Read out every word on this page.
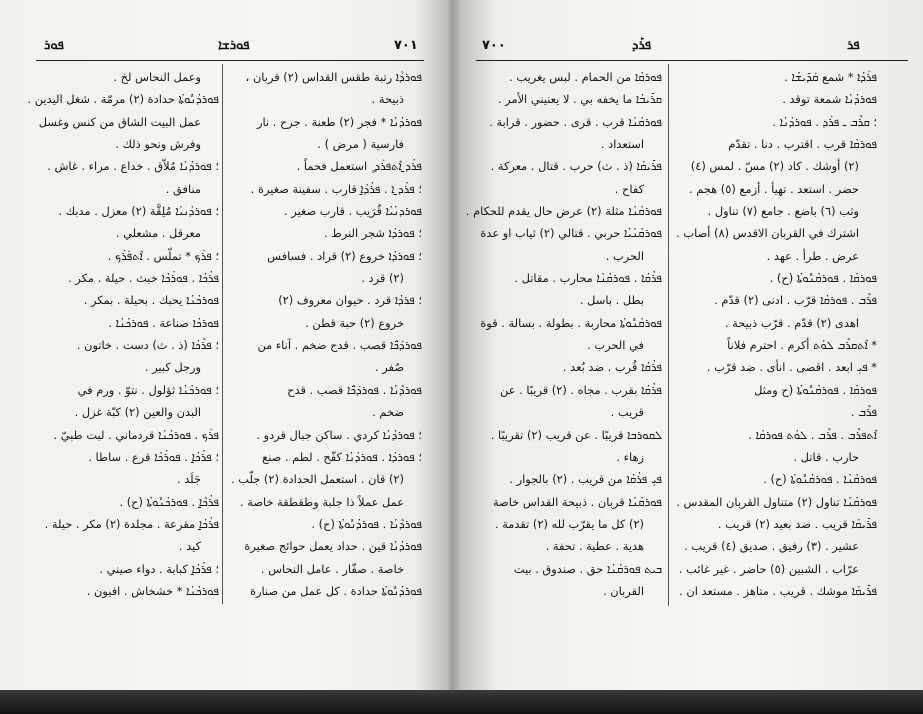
ܦܘܪ	ܦܘܪܫܐ	٧٠١
ܦܘܪܕܵܐ رتبة طقس القداس (٢) قربان ،
ذبيحة .
ܦܘܪܕܳܢܳܐ * فجر (٢) طعنة . جرح . نار
فارسية ( مرض ) .
ܦܪܳܕ̱ ܐܶܬܦܪܰܕ ٍ استعمل فحماً .
؛ ܦܪܳܕ̱ ܐ . ܦܪܳܕ̱ܳܐ قارب . سفينة صغيرة .
ܦܘܪܕܢܳܝܳܐ قُرَيب . قارب صغير .
؛ ܦܘܪܕܳܐ شجر النرط .
؛ ܦܘܪܕܳܐ خروع (٢) قراد . فسافس
(٢) قرد .
؛ ܦܪܕܳܐ قرد . حيوان معروف (٢)
خروع (٢) حبة قطن .
ܦܘܪܕܰܟ̈ܶܐ قصب . قدح ضخم . آناء من
صُفر .
ܦܘܪܕܶܢܳܐ . ܦܘܪܕܰܟ̈ܳܐ قصب . قدح
ضخم .
؛ ܦܘܪܕܳܢܳܐ كردي . ساكن جبال قردو .
؛ ܦܘܪܕܳܐ . ܦܘܪܕܳܢܳܐ كفّح . لطم . صنع
(٢) قان . استعمل الحدادة (٢) جلّب .
عمل عملاً ذا جلبة وطقطقة خاصة .
ܦܘܪܕܶܢܳܐ . ܦܘܪܕܳܢܽܘܬܳܐ (ح) .
ܦܘܪܕܳܢܳܐ قين . حداد يعمل حوائج صغيرة
خاصة . صفّار . عامل النحاس .
ܦܘܪܕܳܢܽܘܬܳܐ حدادة . كل عمل من صنارة
وعمل النحاس لخ .
ܦܘܪܕܳܢܽܘܬܳܐ حدادة (٢) مرمّة . شغل اليدين .
عمل البيت الشاق من كنس وغسل
وفرش ونحو ذلك .
؛ ܦܘܪܕܳܢܳܐ مُلاّق . خداع . مراء . غاش .
منافق .
؛ ܦܘܪܕܳܢܝܳܐ مُلِقَّة (٢) معزل . مدبك .
معرقل . مشعلي .
؛ ܦܪܰܟ * تملّس . ܐܶܬܦܰܪܰܟ .
ܦܪܳܟܳܐ . ܦܘܪܳܟܳܐ خبث . حيلة . مكر .
ܦܘܪܟܳܢܳܐ يحبك . بحيلة . بمكر .
ܦܘܪܟܳܐ صناعة . ܦܘܪܟܳܢܳܐ .
؛ ܦܪܶܟܳܐ (ذ . ث) دست . خاتون .
ورجل كبير .
؛ ܦܘܪܟܳܢܳܐ ثؤلول . نتوّ . ورم في
البدن والعين (٢) كبّة غزل .
ܦܪܰܟ . ܦܘܪܟܳܢܳܐ قردماني . لبت طبيّ .
؛ ܦܪܳܟ̱ܳܐ . ܦܘܪܳܟܳܐ قرع . ساطا .
جَلَد .
ܦܪܳܟ̱ܶܐ . ܦܘܪܟܳܢܽܘܬܳܐ (ح) .
ܦܪܳܟ̱ܳܐ مقرعة . مجلدة (٢) مكر . حيلة .
كيد .
؛ ܦܪܳܟ̱ܳܐ كبابة . دواء صيني .
ܦܘܪܟܳܢܳܐ * خشخاش . افيون .
٧٠٠	ܦܪܰܕ	ܦܪ
ܦܘܪܩܳܐ من الحمام . لبس يغريب .
ܩܪܺܝܒܳܐ ما يخفه بي . لا يعنيني الأمر .
ܦܘܪܩܳܢܳܐ قرب . قرى . حضور . قرابة .
استعداد .
ܦܪܺܝܩܳܐ (ذ . ث) حرب . قتال . معركة .
كفاح .
ܦܘܪܩܳܢܳܐ مثلة (٢) عرض حال يقدم للحكام .
ܦܘܪܩܳܢܳܝܳܐ حربي . قتالي (٢) ثياب او عدة
الحرب .
ܦܪܳܩܳܐ . ܦܘܪܩܳܢܳܐ محارب . مقاتل .
بطل . باسل .
ܦܘܪܩܳܢܽܘܬܳܐ محاربة . بطولة . بسالة . قوة
في الحرب .
ܦܪܳܩܳܐ قُرب . ضد بُعد .
ܦܪܳܩܳܐ بقرب . مجاه . (٢) قريبًا . عن
قريب .
ܠܩܘܪܒܐ قريبًا . عن قريب (٢) تقريبًا .
زهاء .
ܦܝܼ ܦܪܳܩܳܐ من قريب . (٢) بالجوار .
ܦܘܪܩܳܢܳܐ قربان . ذبيحة القداس خاصة
(٢) كل ما يقرّب لله (٢) تقدمة .
هدية . عطية . تحفة .
ܒܝܬ ܦܘܪܩܳܢܳܐ حق . صندوق . بيت
القربان .
ܦܪܰܕܳܐ * شمع ܩܰܕܺܝܫܳܐ .
ܦܘܪܕܳܢܳܐ شمعة توقد .
؛ ܩܪܶܒ ـ ܦܪܰܕ . ܦܘܪܕܳܢܳܐ .
ܦܘܪܩܳܐ قرب . اقترب . دنا . تقدّم
(٢) أوشك . كاد (٢) مسّ . لمس (٤)
حضر . استعد . تهيأ . أزمع (٥) هجم .
وثب (٦) باضع . جامع (٧) تناول .
اشترك في القربان الاقدس (٨) أصاب .
عرض . طرأ . عهد .
ܦܘܪܩܳܐ . ܦܘܪܩܳܢܽܘܬܳܐ (ح) .
ܦܪܶܒ . ܦܘܪܩܳܐ قرّب . ادنى (٢) قدّم .
اهدى (٢) قدّم . قرّب ذبيحة .
* ܐܶܬܩܪܶܒ ܠܘܳܬ أكرم . احترم فلاناً
* ܦܝܼ ابعد . اقصى . انأى . ضد قرّب .
ܦܘܪܩܳܐ . ܦܘܪܩܳܢܽܘܬܳܐ (ح ومثل
ܦܪܶܒ .
ܐܶܬܦܪܶܒ . ܦܪܶܒ . ܠܘܳܬ ܦܘܪܩܳܐ .
حارب . قاتل .
ܦܘܪܩܳܢܳܐ . ܦܘܪܩܳܢܽܘܬܳܐ (ح) .
ܦܘܪܩܳܢܳܐ تناول (٢) متناول القربان المقدس .
ܦܪܺܝܩܳܐ قريب . ضد بعيد (٢) قريب .
عشير . (٣) رفيق . صديق (٤) قريب .
عرّاب . الشبين (٥) حاضر . غير غائب .
ܦܪܺܝܩܳܐ موشك . قريب . متاهز . مستعد ان .
